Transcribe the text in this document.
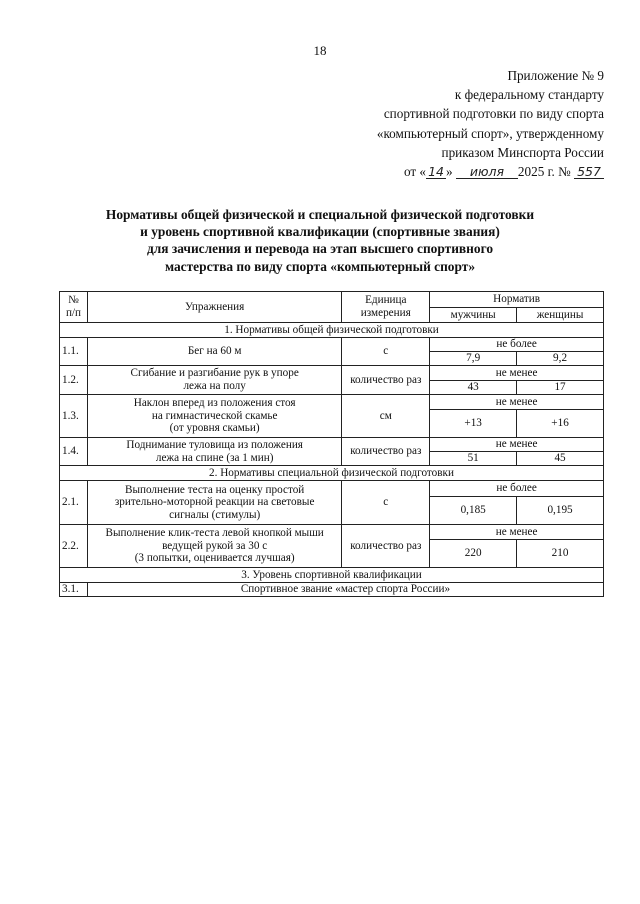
18
Приложение № 9
к федеральному стандарту
спортивной подготовки по виду спорта
«компьютерный спорт», утвержденному
приказом Минспорта России
от « 14 » июля 2025 г. № 557
Нормативы общей физической и специальной физической подготовки
и уровень спортивной квалификации (спортивные звания)
для зачисления и перевода на этап высшего спортивного
мастерства по виду спорта «компьютерный спорт»
№
п/п	Упражнения	Единица
измерения	Норматив	
			мужчины	женщины
1. Нормативы общей физической подготовки				
1.1.	Бег на 60 м	с	не более	
			7,9	9,2
1.2.	Сгибание и разгибание рук в упоре
лежа на полу	количество раз	не менее	
			43	17
1.3.	Наклон вперед из положения стоя
на гимнастической скамье
(от уровня скамьи)	см	не менее	
			+13	+16
1.4.	Поднимание туловища из положения
лежа на спине (за 1 мин)	количество раз	не менее	
			51	45
2. Нормативы специальной физической подготовки				
2.1.	Выполнение теста на оценку простой
зрительно-моторной реакции на световые
сигналы (стимулы)	с	не более	
			0,185	0,195
2.2.	Выполнение клик-теста левой кнопкой мыши
ведущей рукой за 30 с
(3 попытки, оценивается лучшая)	количество раз	не менее	
			220	210
3. Уровень спортивной квалификации				
3.1.	Спортивное звание «мастер спорта России»			
